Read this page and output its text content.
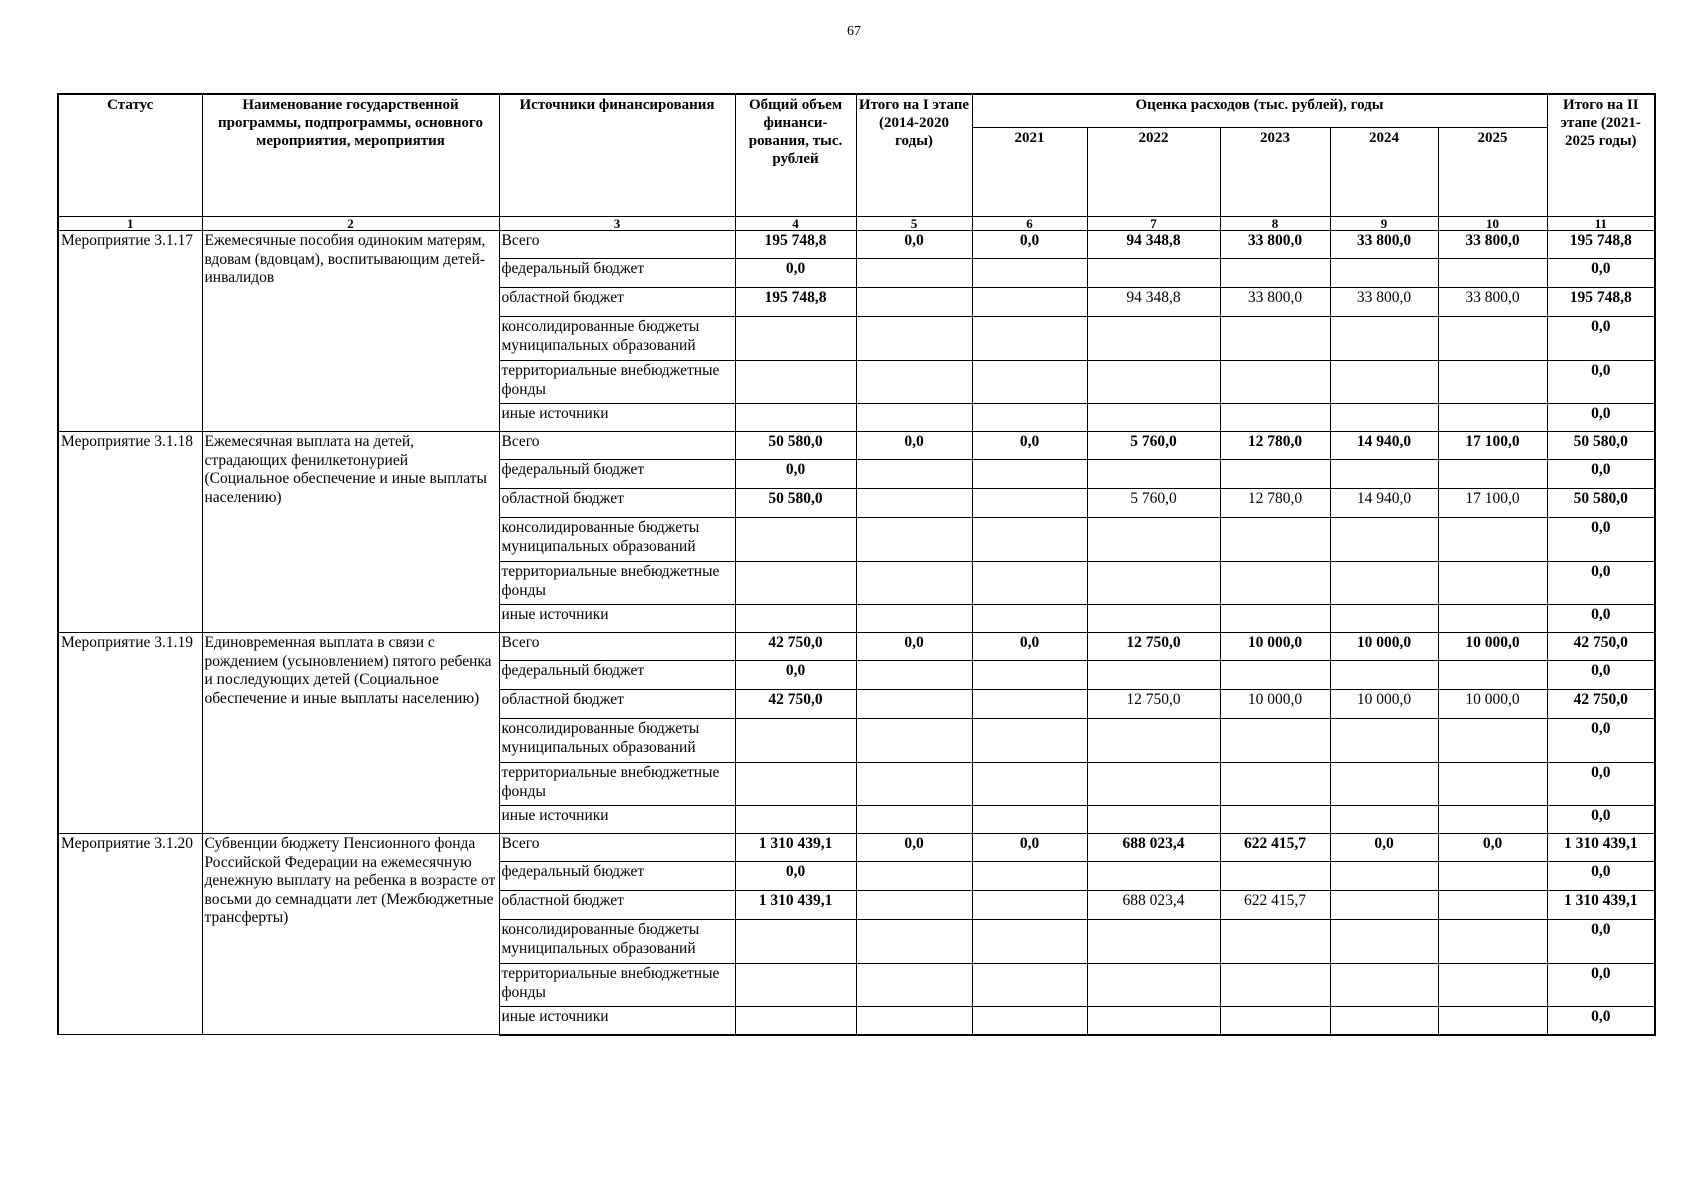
67
Статус	Наименование государственной программы, подпрограммы, основного мероприятия, мероприятия	Источники финансирования	Общий объем финанси-рования, тыс. рублей	Итого на I этапе (2014-2020 годы)	Оценка расходов (тыс. рублей), годы					Итого на II этапе (2021-2025 годы)
					2021	2022	2023	2024	2025	
1	2	3	4	5	6	7	8	9	10	11
Мероприятие 3.1.17	Ежемесячные пособия одиноким матерям, вдовам (вдовцам), воспитывающим детей-инвалидов	Всего	195 748,8	0,0	0,0	94 348,8	33 800,0	33 800,0	33 800,0	195 748,8
		федеральный бюджет	0,0							0,0
		областной бюджет	195 748,8			94 348,8	33 800,0	33 800,0	33 800,0	195 748,8
		консолидированные бюджеты муниципальных образований								0,0
		территориальные внебюджетные фонды								0,0
		иные источники								0,0
Мероприятие 3.1.18	Ежемесячная выплата на детей, страдающих фенилкетонурией (Социальное обеспечение и иные выплаты населению)	Всего	50 580,0	0,0	0,0	5 760,0	12 780,0	14 940,0	17 100,0	50 580,0
		федеральный бюджет	0,0							0,0
		областной бюджет	50 580,0			5 760,0	12 780,0	14 940,0	17 100,0	50 580,0
		консолидированные бюджеты муниципальных образований								0,0
		территориальные внебюджетные фонды								0,0
		иные источники								0,0
Мероприятие 3.1.19	Единовременная выплата в связи с рождением (усыновлением) пятого ребенка и последующих детей (Социальное обеспечение и иные выплаты населению)	Всего	42 750,0	0,0	0,0	12 750,0	10 000,0	10 000,0	10 000,0	42 750,0
		федеральный бюджет	0,0							0,0
		областной бюджет	42 750,0			12 750,0	10 000,0	10 000,0	10 000,0	42 750,0
		консолидированные бюджеты муниципальных образований								0,0
		территориальные внебюджетные фонды								0,0
		иные источники								0,0
Мероприятие 3.1.20	Субвенции бюджету Пенсионного фонда Российской Федерации на ежемесячную денежную выплату на ребенка в возрасте от восьми до семнадцати лет (Межбюджетные трансферты)	Всего	1 310 439,1	0,0	0,0	688 023,4	622 415,7	0,0	0,0	1 310 439,1
		федеральный бюджет	0,0							0,0
		областной бюджет	1 310 439,1			688 023,4	622 415,7			1 310 439,1
		консолидированные бюджеты муниципальных образований								0,0
		территориальные внебюджетные фонды								0,0
		иные источники								0,0
